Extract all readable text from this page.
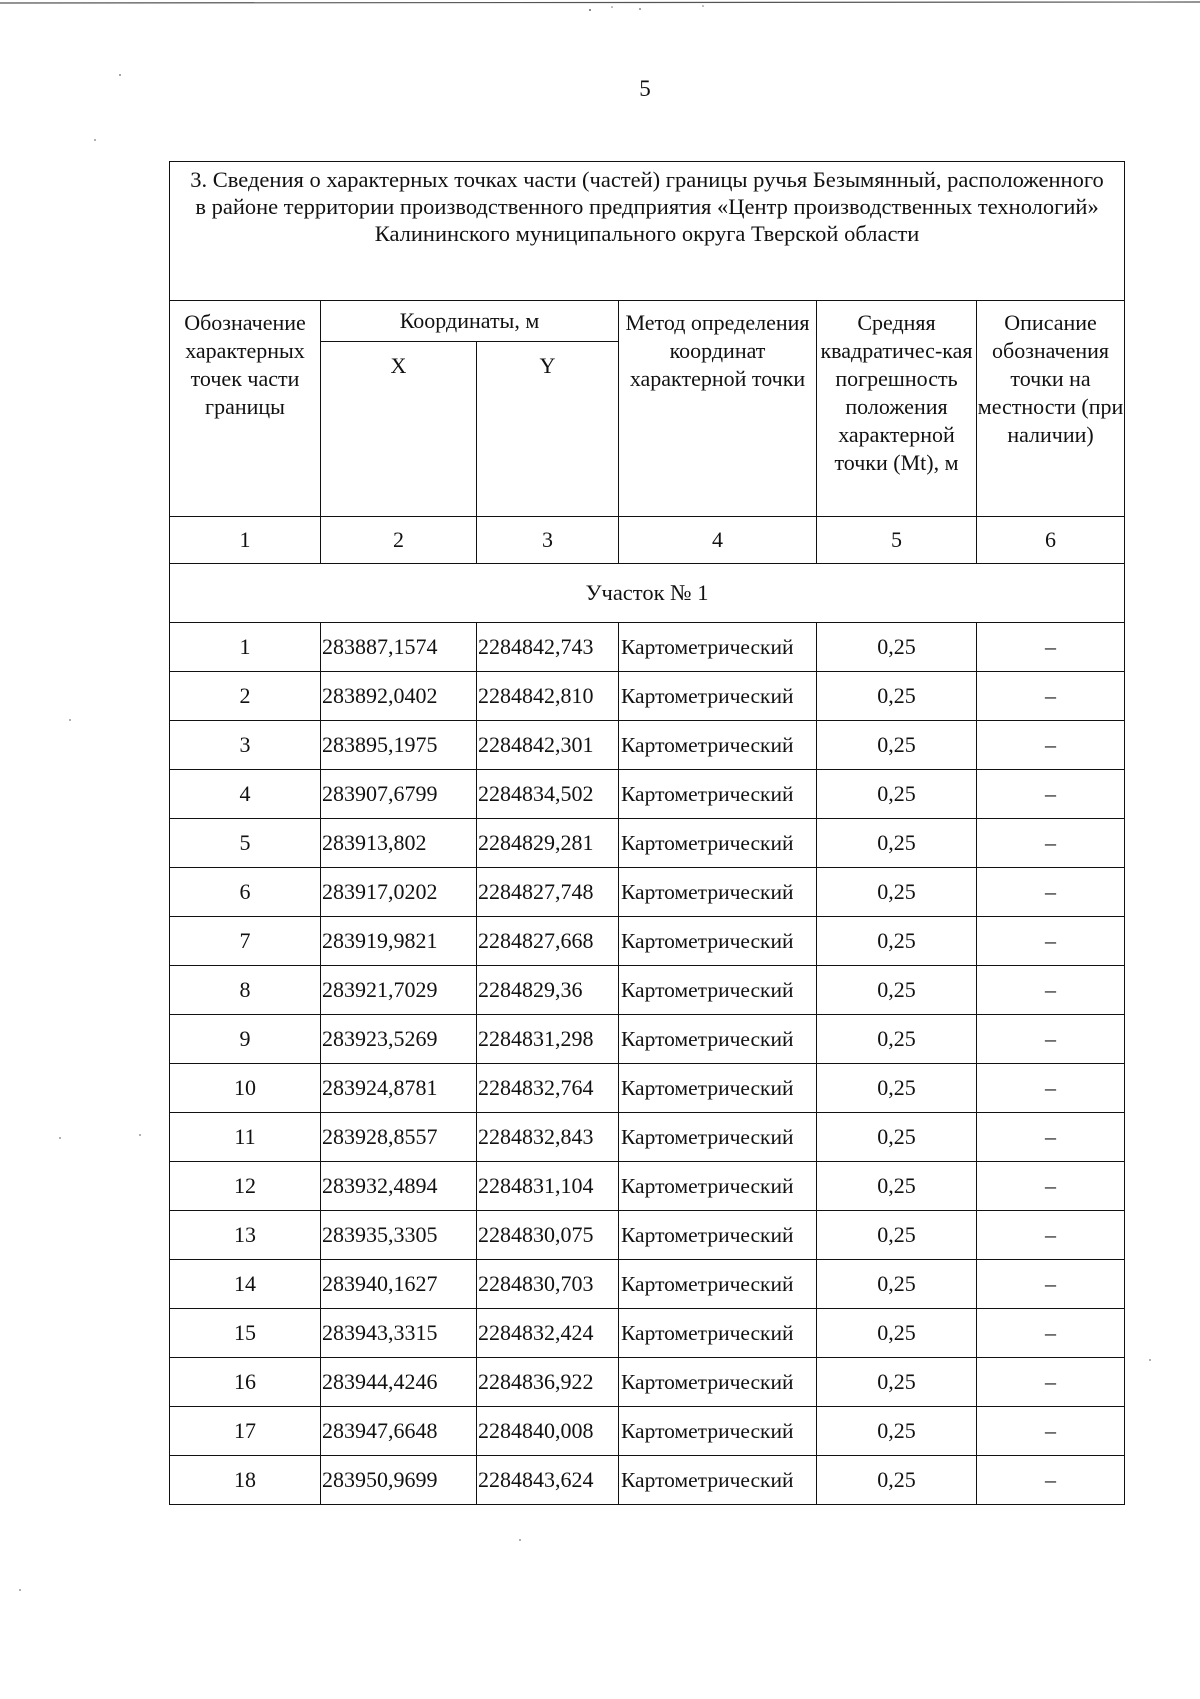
5
3. Сведения о характерных точках части (частей) границы ручья Безымянный, расположенного в районе территории производственного предприятия «Центр производственных технологий» Калининского муниципального округа Тверской области					
Обозначение характерных точек части границы	Координаты, м		Метод определения координат характерной точки	Средняя квадратичес-кая погрешность положения характерной точки (Mt), м	Описание обозначения точки на местности (при наличии)
	X	Y			
1	2	3	4	5	6
Участок № 1					
1	283887,1574	2284842,743	Картометрический	0,25	–
2	283892,0402	2284842,810	Картометрический	0,25	–
3	283895,1975	2284842,301	Картометрический	0,25	–
4	283907,6799	2284834,502	Картометрический	0,25	–
5	283913,802	2284829,281	Картометрический	0,25	–
6	283917,0202	2284827,748	Картометрический	0,25	–
7	283919,9821	2284827,668	Картометрический	0,25	–
8	283921,7029	2284829,36	Картометрический	0,25	–
9	283923,5269	2284831,298	Картометрический	0,25	–
10	283924,8781	2284832,764	Картометрический	0,25	–
11	283928,8557	2284832,843	Картометрический	0,25	–
12	283932,4894	2284831,104	Картометрический	0,25	–
13	283935,3305	2284830,075	Картометрический	0,25	–
14	283940,1627	2284830,703	Картометрический	0,25	–
15	283943,3315	2284832,424	Картометрический	0,25	–
16	283944,4246	2284836,922	Картометрический	0,25	–
17	283947,6648	2284840,008	Картометрический	0,25	–
18	283950,9699	2284843,624	Картометрический	0,25	–
